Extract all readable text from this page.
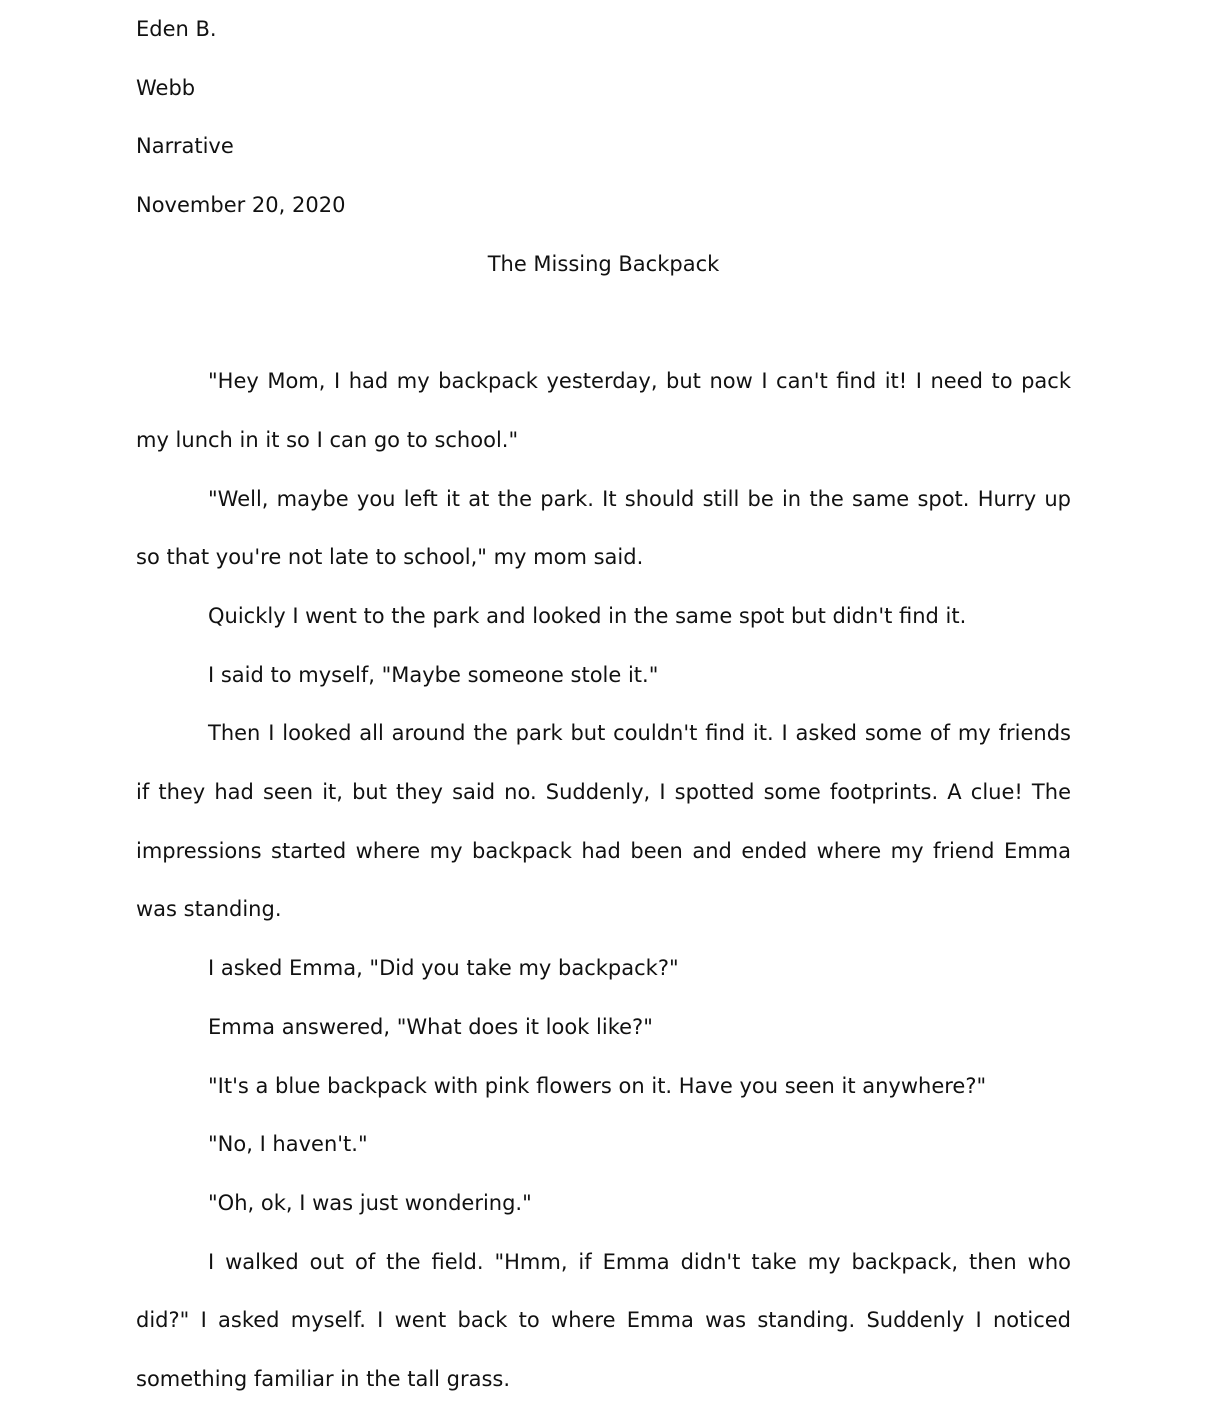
Eden B.
Webb
Narrative
November 20, 2020
The Missing Backpack

"Hey Mom, I had my backpack yesterday, but now I can't find it! I need to pack my lunch in it so I can go to school."

"Well, maybe you left it at the park. It should still be in the same spot. Hurry up so that you're not late to school," my mom said.

Quickly I went to the park and looked in the same spot but didn't find it.

I said to myself, "Maybe someone stole it."

Then I looked all around the park but couldn't find it. I asked some of my friends if they had seen it, but they said no. Suddenly, I spotted some footprints. A clue! The impressions started where my backpack had been and ended where my friend Emma was standing.

I asked Emma, "Did you take my backpack?"

Emma answered, "What does it look like?"

"It's a blue backpack with pink flowers on it. Have you seen it anywhere?"

"No, I haven't."

"Oh, ok, I was just wondering."

I walked out of the field. "Hmm, if Emma didn't take my backpack, then who did?" I asked myself. I went back to where Emma was standing. Suddenly I noticed something familiar in the tall grass.
